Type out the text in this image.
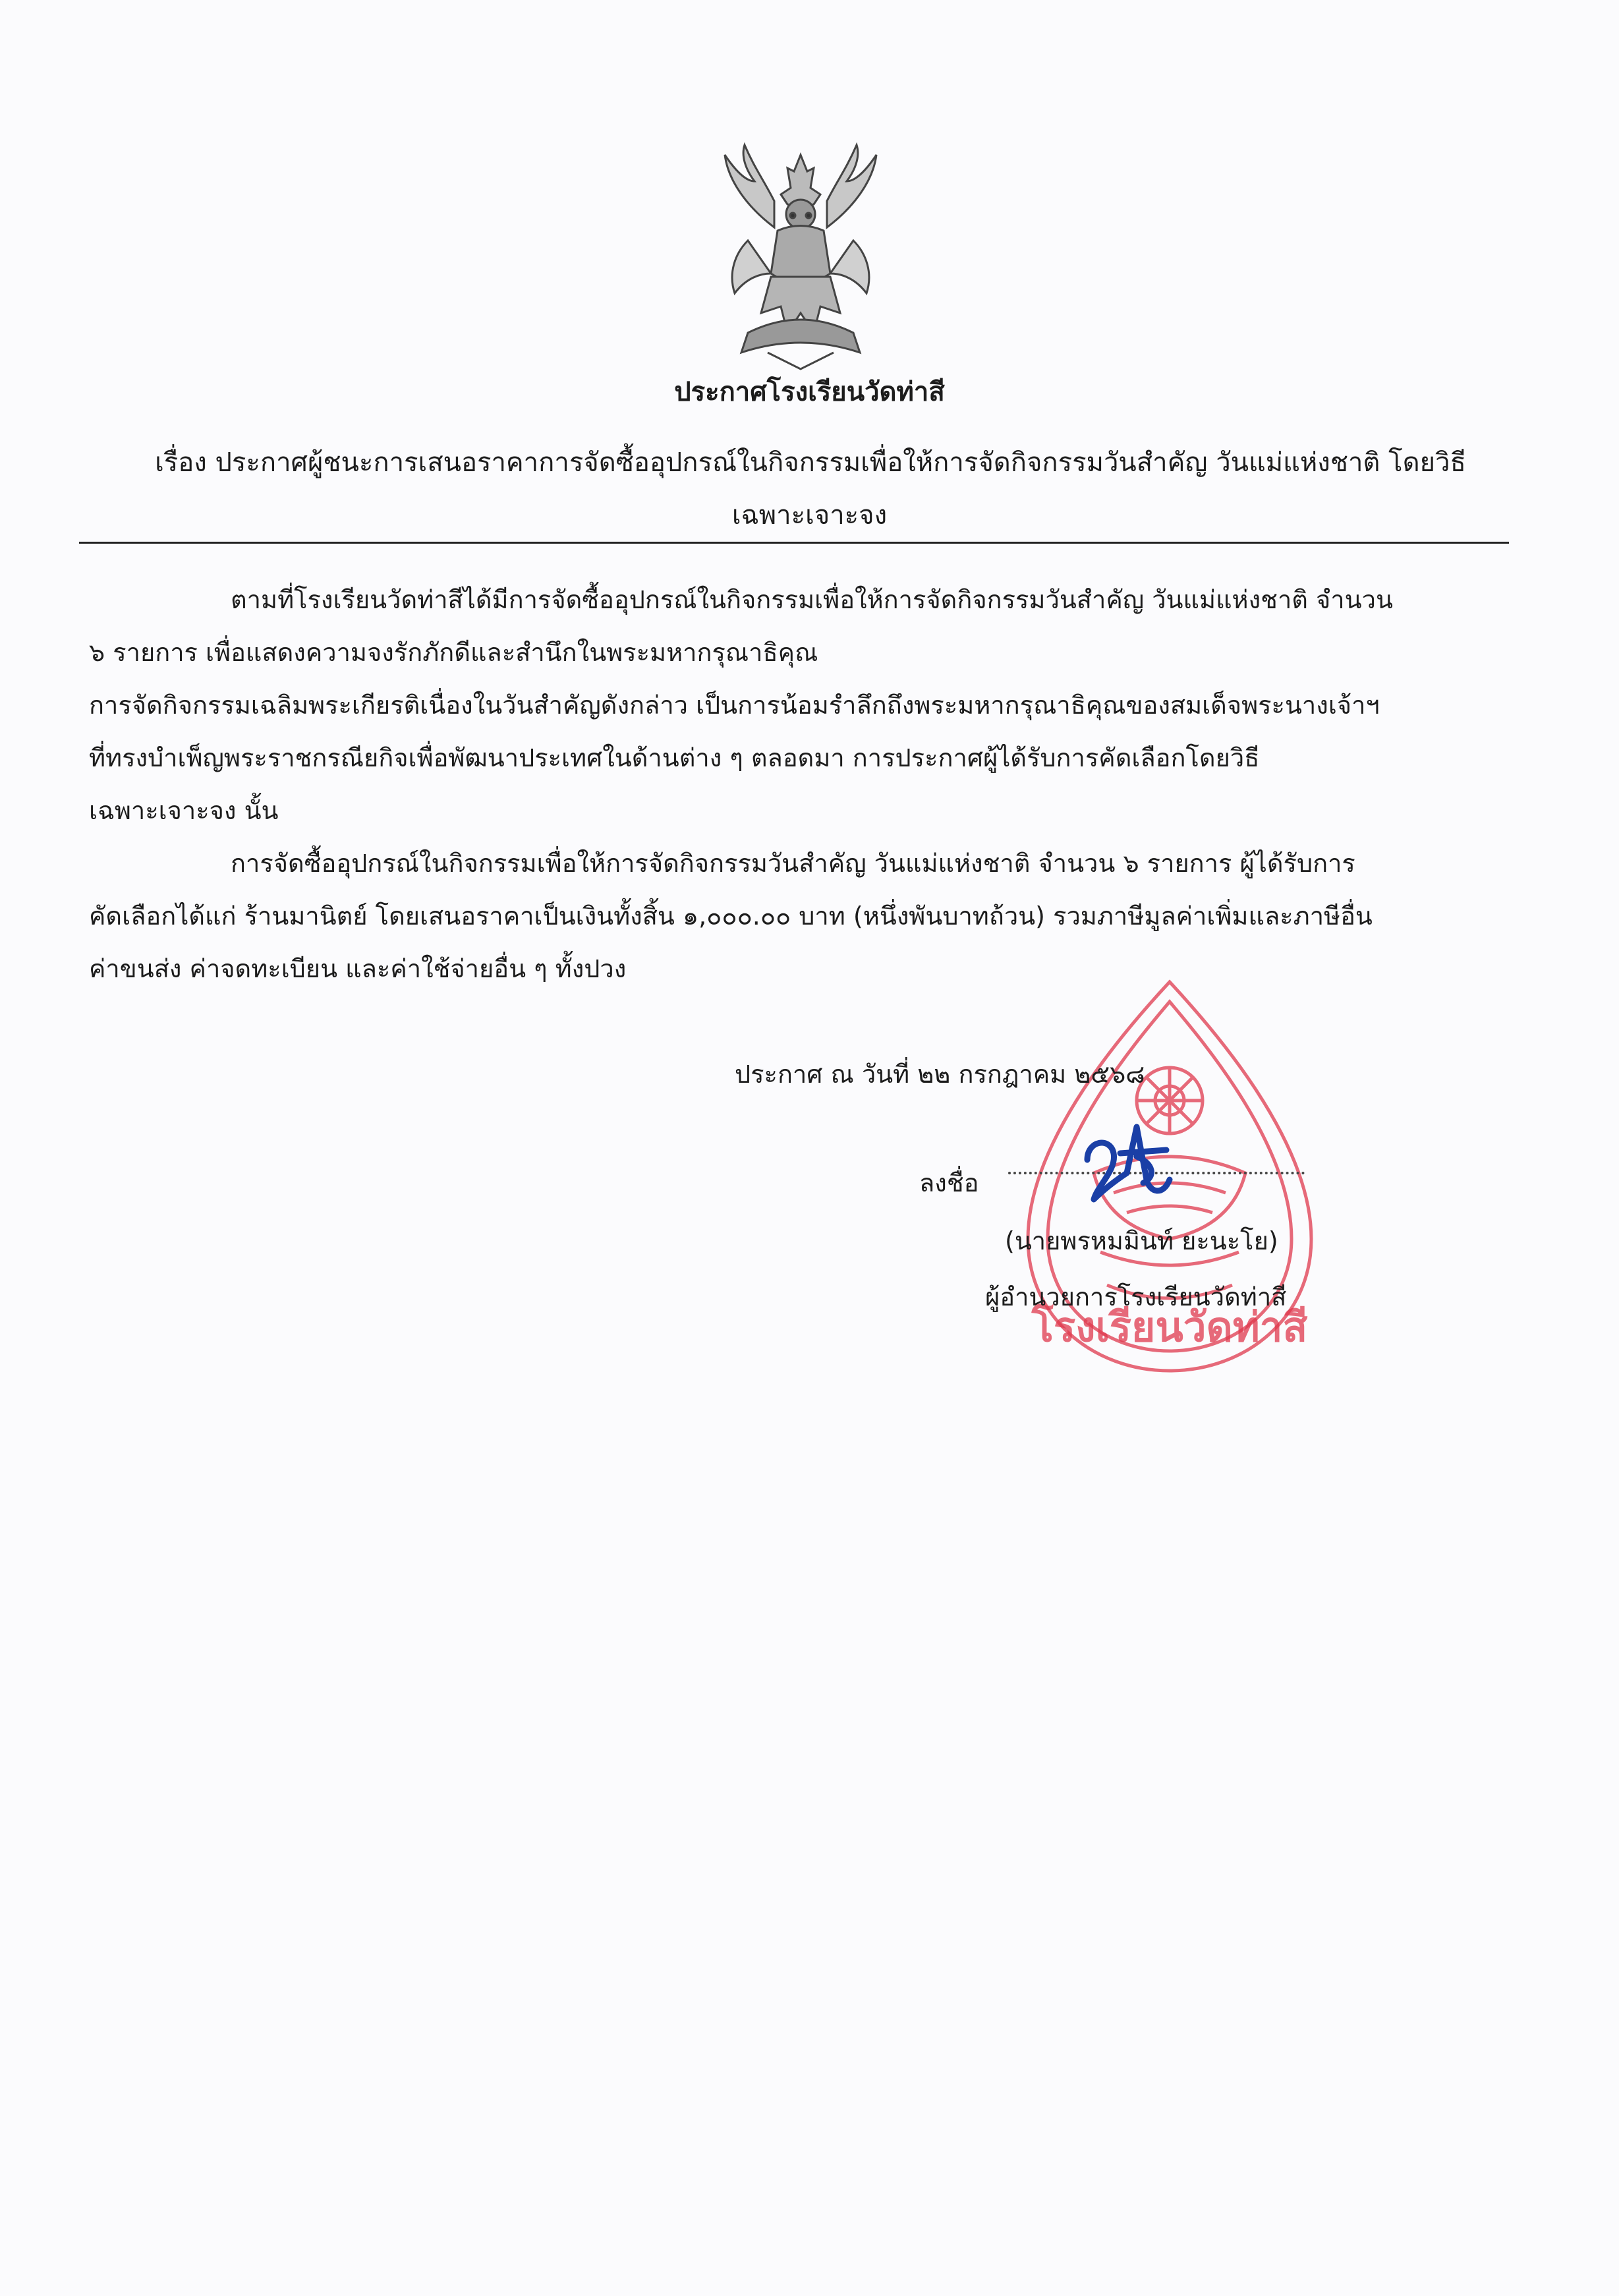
ประกาศโรงเรียนวัดท่าสี
เรื่อง ประกาศผู้ชนะการเสนอราคาการจัดซื้ออุปกรณ์ในกิจกรรมเพื่อให้การจัดกิจกรรมวันสำคัญ วันแม่แห่งชาติ โดยวิธี
เฉพาะเจาะจง
ตามที่โรงเรียนวัดท่าสีได้มีการจัดซื้ออุปกรณ์ในกิจกรรมเพื่อให้การจัดกิจกรรมวันสำคัญ วันแม่แห่งชาติ จำนวน
๖ รายการ เพื่อแสดงความจงรักภักดีและสำนึกในพระมหากรุณาธิคุณ
การจัดกิจกรรมเฉลิมพระเกียรติเนื่องในวันสำคัญดังกล่าว เป็นการน้อมรำลึกถึงพระมหากรุณาธิคุณของสมเด็จพระนางเจ้าฯ
ที่ทรงบำเพ็ญพระราชกรณียกิจเพื่อพัฒนาประเทศในด้านต่าง ๆ ตลอดมา การประกาศผู้ได้รับการคัดเลือกโดยวิธี
เฉพาะเจาะจง นั้น
การจัดซื้ออุปกรณ์ในกิจกรรมเพื่อให้การจัดกิจกรรมวันสำคัญ วันแม่แห่งชาติ จำนวน ๖ รายการ ผู้ได้รับการ
คัดเลือกได้แก่ ร้านมานิตย์ โดยเสนอราคาเป็นเงินทั้งสิ้น ๑,๐๐๐.๐๐ บาท (หนึ่งพันบาทถ้วน) รวมภาษีมูลค่าเพิ่มและภาษีอื่น
ค่าขนส่ง ค่าจดทะเบียน และค่าใช้จ่ายอื่น ๆ ทั้งปวง
โรงเรียนวัดท่าสี
ประกาศ ณ วันที่ ๒๒ กรกฎาคม ๒๕๖๘
ลงชื่อ
(นายพรหมมินท์ ยะนะโย)
ผู้อำนวยการโรงเรียนวัดท่าสี
